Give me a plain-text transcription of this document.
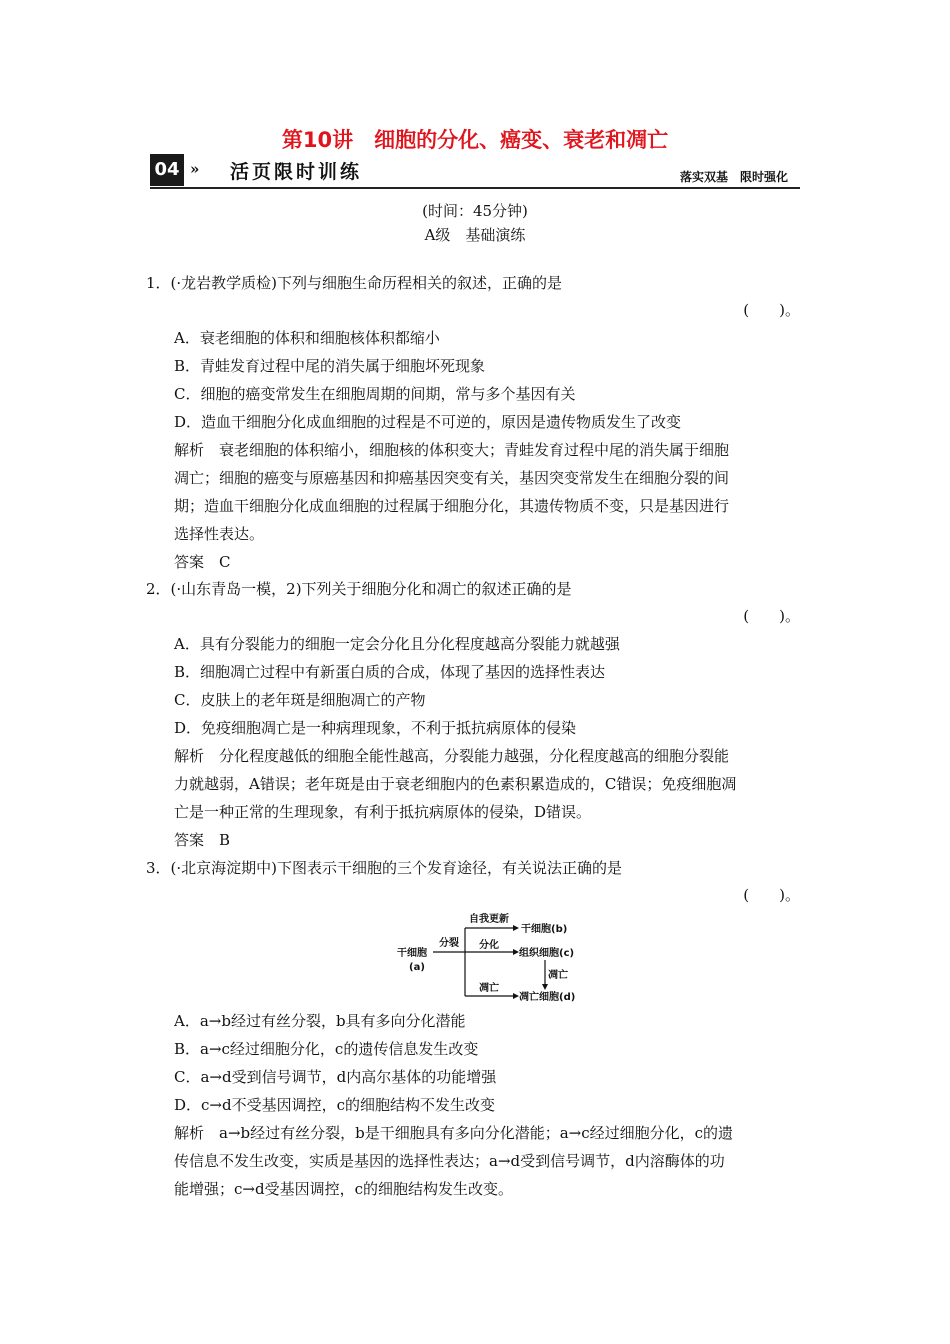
第10讲　细胞的分化、癌变、衰老和凋亡
04 » 活页限时训练	落实双基　限时强化
(时间：45分钟)
A级　基础演练
1．(·龙岩教学质检)下列与细胞生命历程相关的叙述，正确的是
(　　)。
A．衰老细胞的体积和细胞核体积都缩小
B．青蛙发育过程中尾的消失属于细胞坏死现象
C．细胞的癌变常发生在细胞周期的间期，常与多个基因有关
D．造血干细胞分化成血细胞的过程是不可逆的，原因是遗传物质发生了改变
解析　衰老细胞的体积缩小，细胞核的体积变大；青蛙发育过程中尾的消失属于细胞
凋亡；细胞的癌变与原癌基因和抑癌基因突变有关，基因突变常发生在细胞分裂的间
期；造血干细胞分化成血细胞的过程属于细胞分化，其遗传物质不变，只是基因进行
选择性表达。
答案　C
2．(·山东青岛一模，2)下列关于细胞分化和凋亡的叙述正确的是
(　　)。
A．具有分裂能力的细胞一定会分化且分化程度越高分裂能力就越强
B．细胞凋亡过程中有新蛋白质的合成，体现了基因的选择性表达
C．皮肤上的老年斑是细胞凋亡的产物
D．免疫细胞凋亡是一种病理现象，不利于抵抗病原体的侵染
解析　分化程度越低的细胞全能性越高，分裂能力越强，分化程度越高的细胞分裂能
力就越弱，A错误；老年斑是由于衰老细胞内的色素积累造成的，C错误；免疫细胞凋
亡是一种正常的生理现象，有利于抵抗病原体的侵染，D错误。
答案　B
3．(·北京海淀期中)下图表示干细胞的三个发育途径，有关说法正确的是
(　　)。
干细胞
(a)
分裂
自我更新
干细胞(b)
分化
组织细胞(c)
凋亡
凋亡
凋亡细胞(d)
A．a→b经过有丝分裂，b具有多向分化潜能
B．a→c经过细胞分化，c的遗传信息发生改变
C．a→d受到信号调节，d内高尔基体的功能增强
D．c→d不受基因调控，c的细胞结构不发生改变
解析　a→b经过有丝分裂，b是干细胞具有多向分化潜能；a→c经过细胞分化，c的遗
传信息不发生改变，实质是基因的选择性表达；a→d受到信号调节，d内溶酶体的功
能增强；c→d受基因调控，c的细胞结构发生改变。
